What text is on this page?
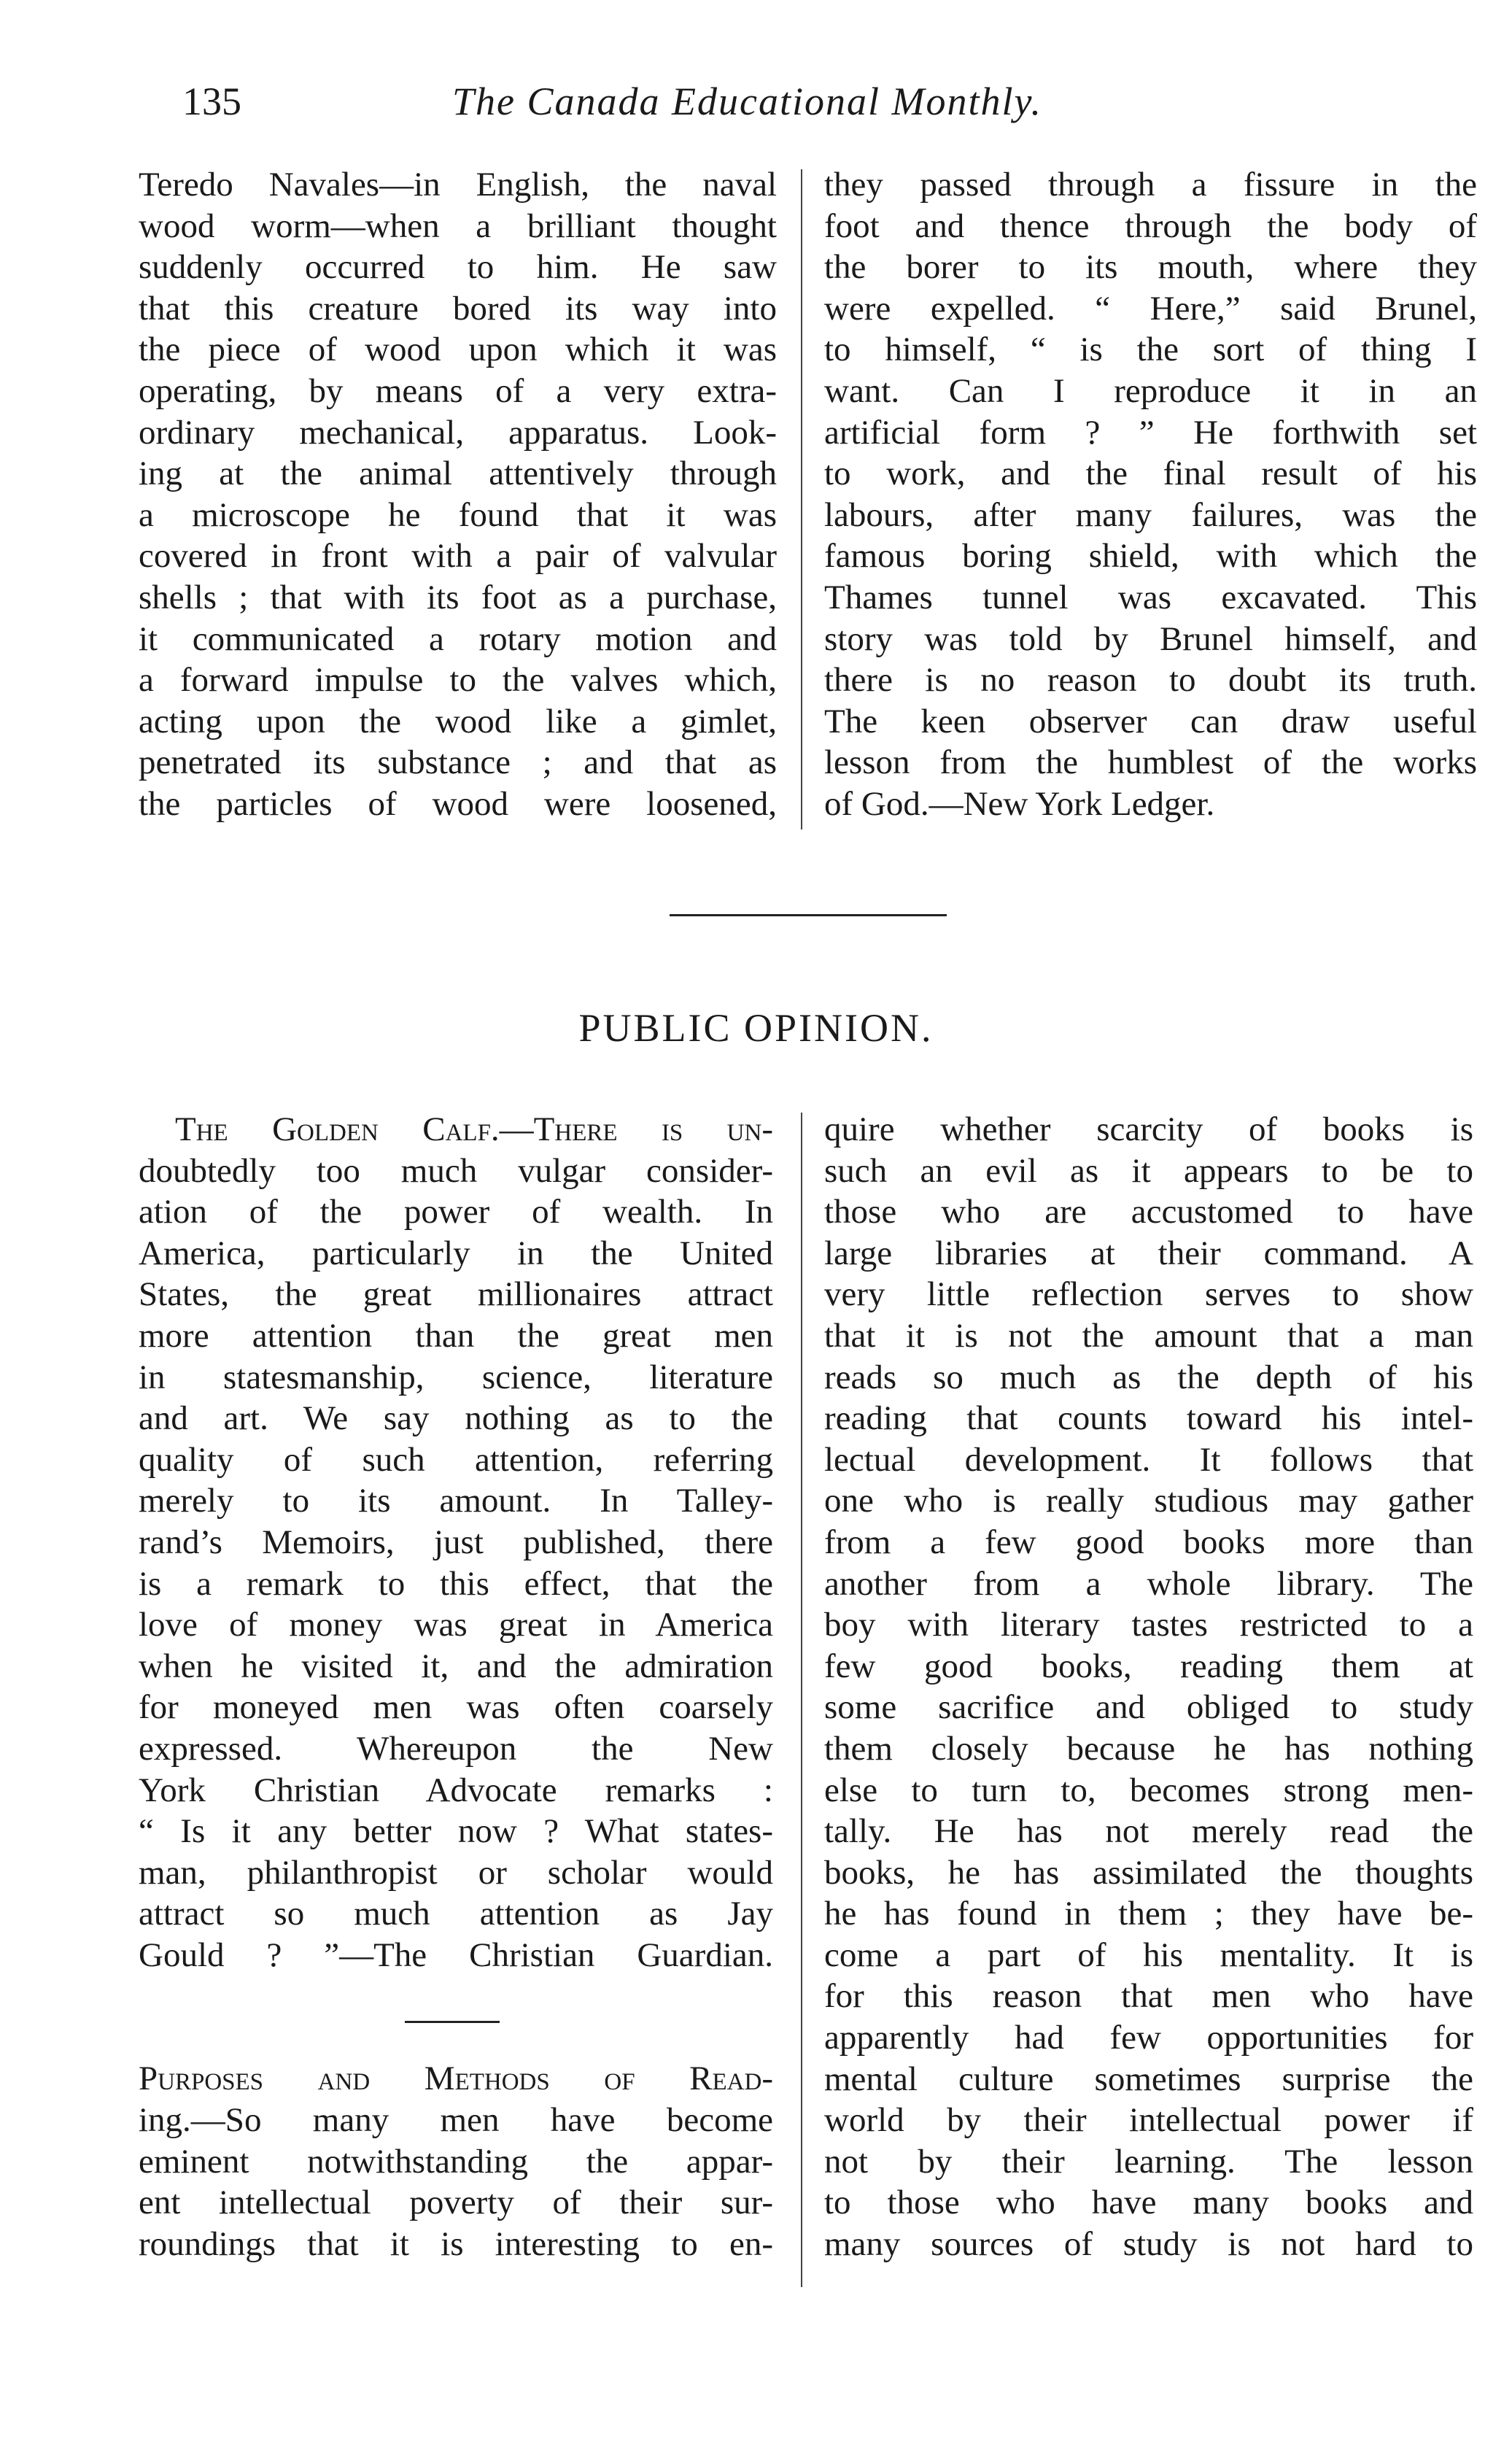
135	The Canada Educational Monthly.

Teredo Navales—in English, the naval
wood worm—when a brilliant thought
suddenly occurred to him. He saw
that this creature bored its way into
the piece of wood upon which it was
operating, by means of a very extra-
ordinary mechanical, apparatus. Look-
ing at the animal attentively through
a microscope he found that it was
covered in front with a pair of valvular
shells ; that with its foot as a purchase,
it communicated a rotary motion and
a forward impulse to the valves which,
acting upon the wood like a gimlet,
penetrated its substance ; and that as
the particles of wood were loosened,

they passed through a fissure in the
foot and thence through the body of
the borer to its mouth, where they
were expelled. “ Here,” said Brunel,
to himself, “ is the sort of thing I
want. Can I reproduce it in an
artificial form ? ” He forthwith set
to work, and the final result of his
labours, after many failures, was the
famous boring shield, with which the
Thames tunnel was excavated. This
story was told by Brunel himself, and
there is no reason to doubt its truth.
The keen observer can draw useful
lesson from the humblest of the works
of God.—New York Ledger.

PUBLIC OPINION.

The Golden Calf.—There is un-
doubtedly too much vulgar consider-
ation of the power of wealth. In
America, particularly in the United
States, the great millionaires attract
more attention than the great men
in statesmanship, science, literature
and art. We say nothing as to the
quality of such attention, referring
merely to its amount. In Talley-
rand’s Memoirs, just published, there
is a remark to this effect, that the
love of money was great in America
when he visited it, and the admiration
for moneyed men was often coarsely
expressed. Whereupon the New
York Christian Advocate remarks :
“ Is it any better now ? What states-
man, philanthropist or scholar would
attract so much attention as Jay
Gould ? ”—The Christian Guardian.

Purposes and Methods of Read-
ing.—So many men have become
eminent notwithstanding the appar-
ent intellectual poverty of their sur-
roundings that it is interesting to en-

quire whether scarcity of books is
such an evil as it appears to be to
those who are accustomed to have
large libraries at their command. A
very little reflection serves to show
that it is not the amount that a man
reads so much as the depth of his
reading that counts toward his intel-
lectual development. It follows that
one who is really studious may gather
from a few good books more than
another from a whole library. The
boy with literary tastes restricted to a
few good books, reading them at
some sacrifice and obliged to study
them closely because he has nothing
else to turn to, becomes strong men-
tally. He has not merely read the
books, he has assimilated the thoughts
he has found in them ; they have be-
come a part of his mentality. It is
for this reason that men who have
apparently had few opportunities for
mental culture sometimes surprise the
world by their intellectual power if
not by their learning. The lesson
to those who have many books and
many sources of study is not hard to
